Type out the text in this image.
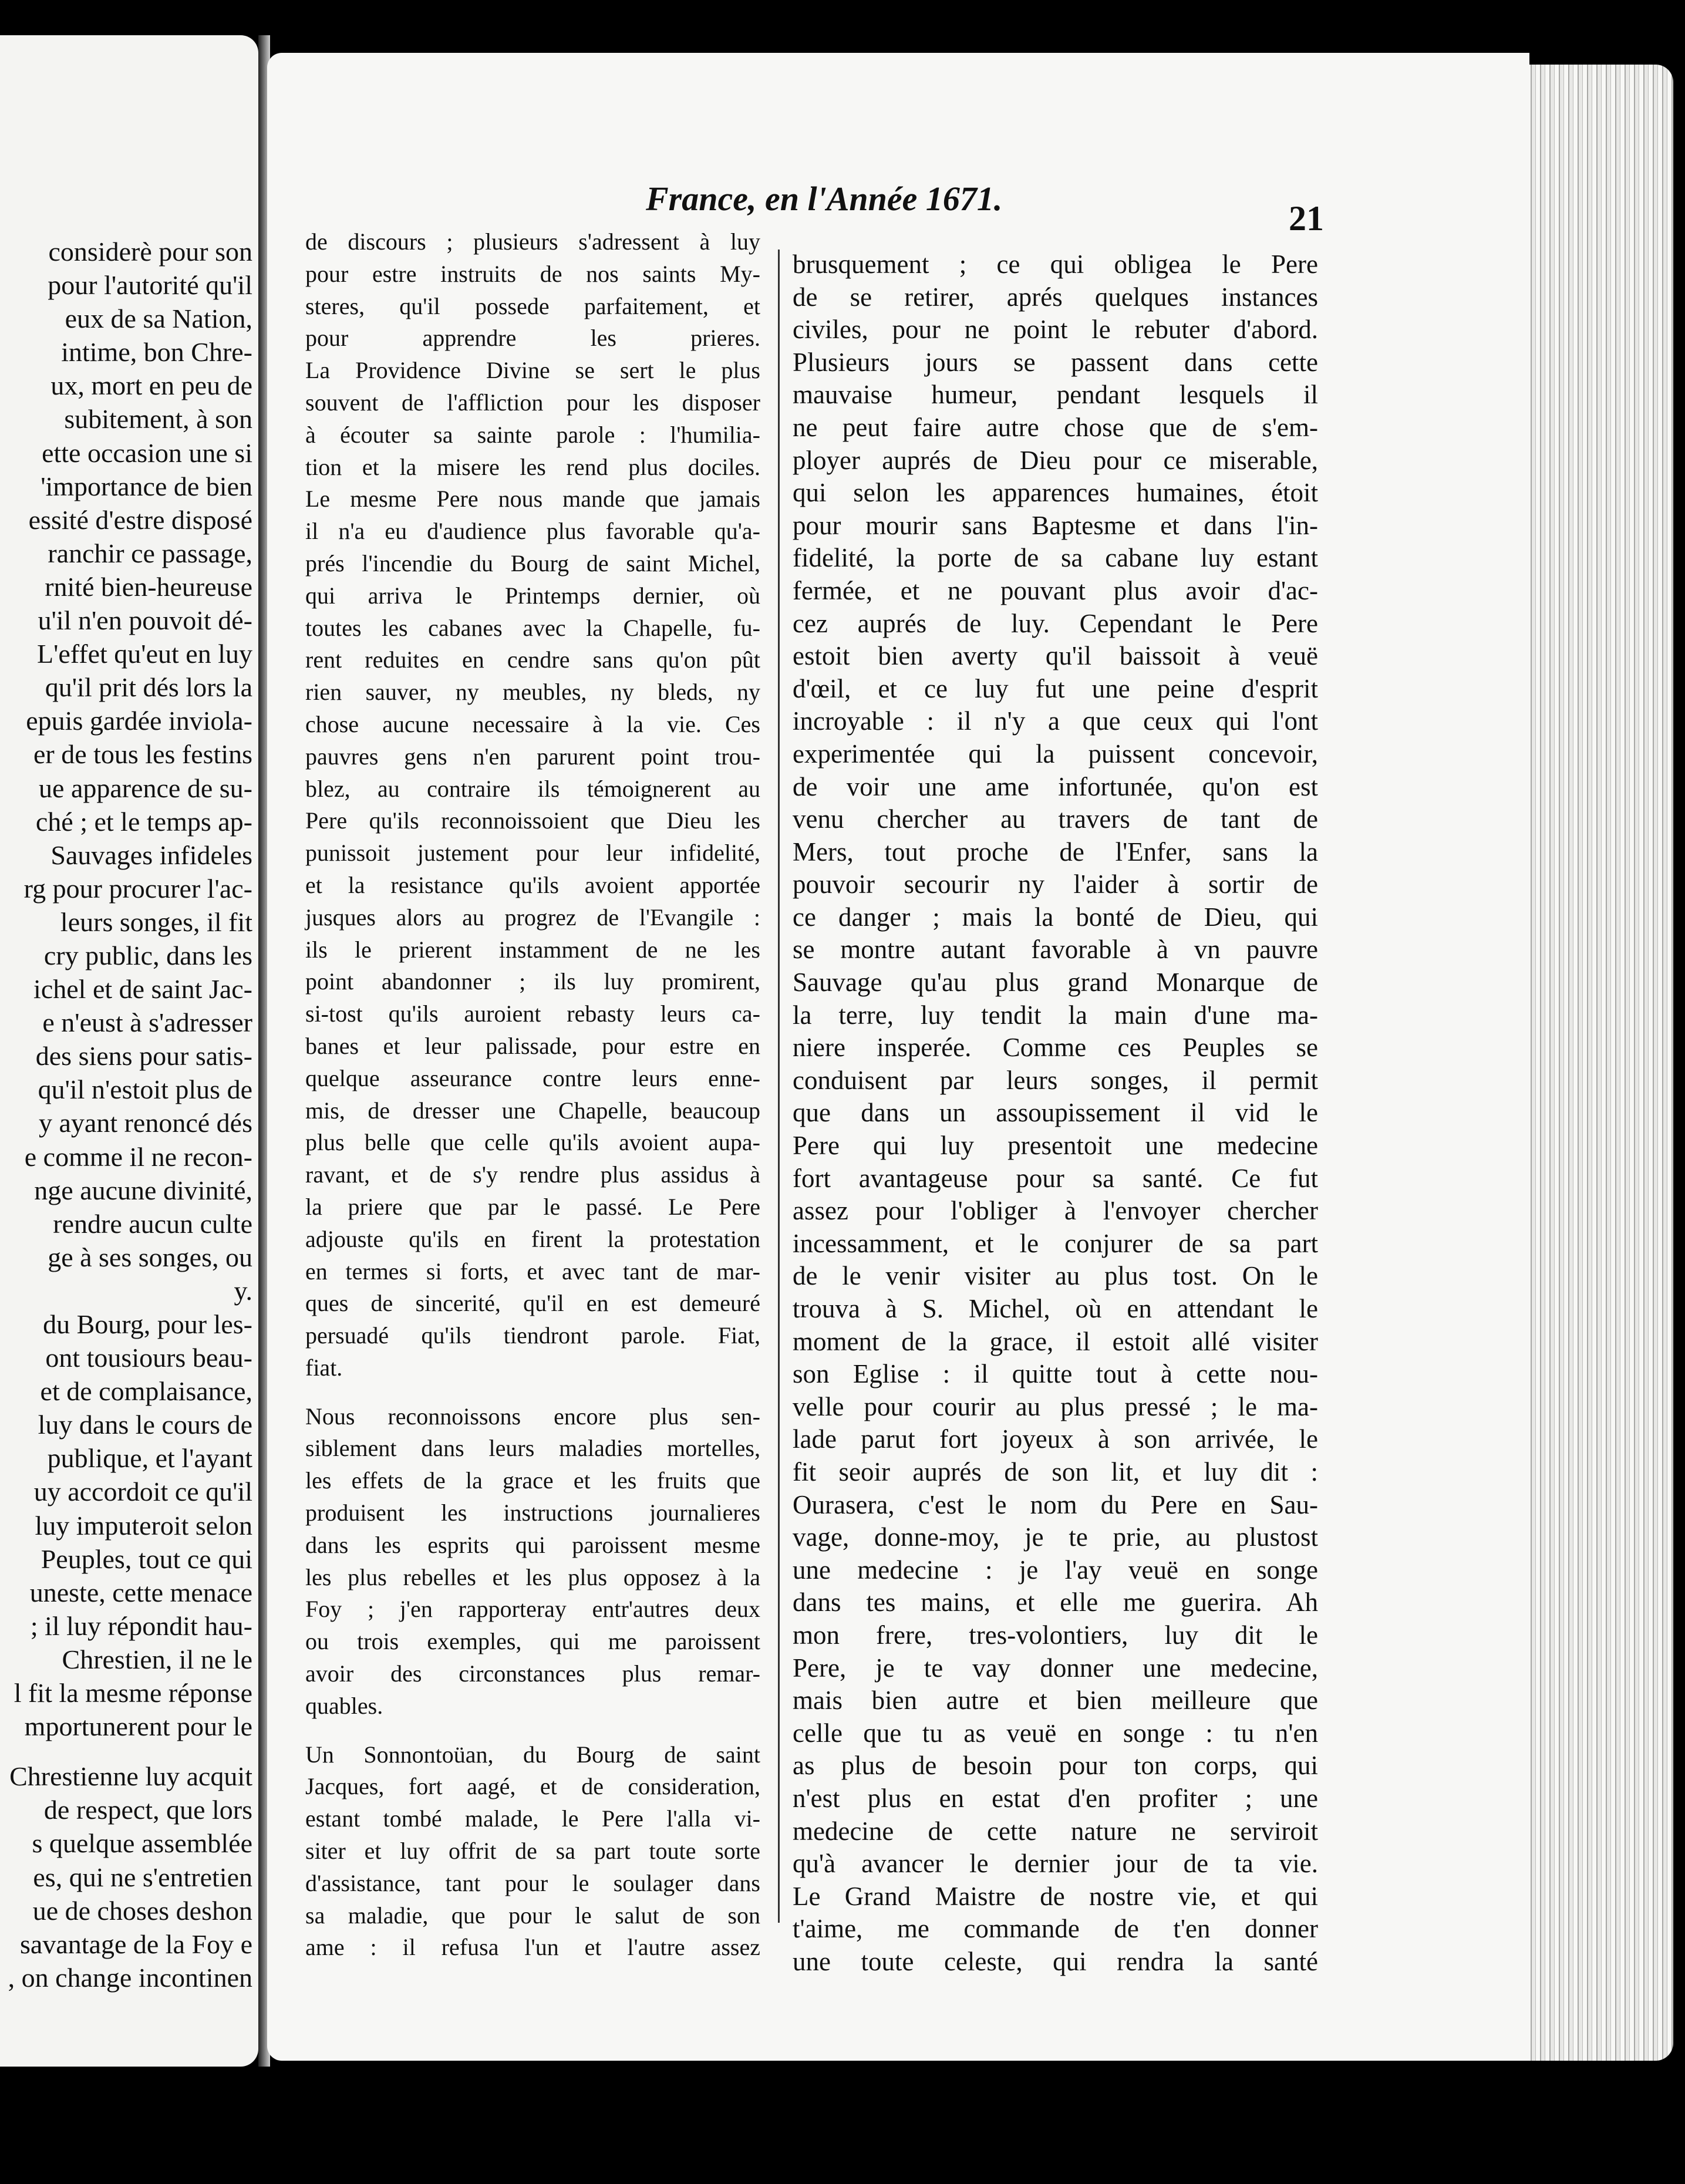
considerè pour son
pour l'autorité qu'il
eux de sa Nation,
intime, bon Chre-
ux, mort en peu de
subitement, à son
ette occasion une si
'importance de bien
essité d'estre disposé
ranchir ce passage,
rnité bien-heureuse
u'il n'en pouvoit dé-
L'effet qu'eut en luy
qu'il prit dés lors la
epuis gardée inviola-
er de tous les festins
ue apparence de su-
ché ; et le temps ap-
Sauvages infideles
rg pour procurer l'ac-
leurs songes, il fit
cry public, dans les
ichel et de saint Jac-
e n'eust à s'adresser
des siens pour satis-
qu'il n'estoit plus de
y ayant renoncé dés
e comme il ne recon-
nge aucune divinité,
rendre aucun culte
ge à ses songes, ou
y.
du Bourg, pour les-
ont tousiours beau-
et de complaisance,
luy dans le cours de
publique, et l'ayant
uy accordoit ce qu'il
luy imputeroit selon
Peuples, tout ce qui
uneste, cette menace
; il luy répondit hau-
Chrestien, il ne le
l fit la mesme réponse
mportunerent pour le
Chrestienne luy acquit
de respect, que lors
s quelque assemblée
es, qui ne s'entretien
ue de choses deshon
savantage de la Foy e
, on change incontinen
France, en l'Année 1671.
21
de discours ; plusieurs s'adressent à luy
pour estre instruits de nos saints My-
steres, qu'il possede parfaitement, et
pour apprendre les prieres.
La Providence Divine se sert le plus
souvent de l'affliction pour les disposer
à écouter sa sainte parole : l'humilia-
tion et la misere les rend plus dociles.
Le mesme Pere nous mande que jamais
il n'a eu d'audience plus favorable qu'a-
prés l'incendie du Bourg de saint Michel,
qui arriva le Printemps dernier, où
toutes les cabanes avec la Chapelle, fu-
rent reduites en cendre sans qu'on pût
rien sauver, ny meubles, ny bleds, ny
chose aucune necessaire à la vie. Ces
pauvres gens n'en parurent point trou-
blez, au contraire ils témoignerent au
Pere qu'ils reconnoissoient que Dieu les
punissoit justement pour leur infidelité,
et la resistance qu'ils avoient apportée
jusques alors au progrez de l'Evangile :
ils le prierent instamment de ne les
point abandonner ; ils luy promirent,
si-tost qu'ils auroient rebasty leurs ca-
banes et leur palissade, pour estre en
quelque asseurance contre leurs enne-
mis, de dresser une Chapelle, beaucoup
plus belle que celle qu'ils avoient aupa-
ravant, et de s'y rendre plus assidus à
la priere que par le passé. Le Pere
adjouste qu'ils en firent la protestation
en termes si forts, et avec tant de mar-
ques de sincerité, qu'il en est demeuré
persuadé qu'ils tiendront parole. Fiat,
fiat.
Nous reconnoissons encore plus sen-
siblement dans leurs maladies mortelles,
les effets de la grace et les fruits que
produisent les instructions journalieres
dans les esprits qui paroissent mesme
les plus rebelles et les plus opposez à la
Foy ; j'en rapporteray entr'autres deux
ou trois exemples, qui me paroissent
avoir des circonstances plus remar-
quables.
Un Sonnontoüan, du Bourg de saint
Jacques, fort aagé, et de consideration,
estant tombé malade, le Pere l'alla vi-
siter et luy offrit de sa part toute sorte
d'assistance, tant pour le soulager dans
sa maladie, que pour le salut de son
ame : il refusa l'un et l'autre assez
brusquement ; ce qui obligea le Pere
de se retirer, aprés quelques instances
civiles, pour ne point le rebuter d'abord.
Plusieurs jours se passent dans cette
mauvaise humeur, pendant lesquels il
ne peut faire autre chose que de s'em-
ployer auprés de Dieu pour ce miserable,
qui selon les apparences humaines, étoit
pour mourir sans Baptesme et dans l'in-
fidelité, la porte de sa cabane luy estant
fermée, et ne pouvant plus avoir d'ac-
cez auprés de luy. Cependant le Pere
estoit bien averty qu'il baissoit à veuë
d'œil, et ce luy fut une peine d'esprit
incroyable : il n'y a que ceux qui l'ont
experimentée qui la puissent concevoir,
de voir une ame infortunée, qu'on est
venu chercher au travers de tant de
Mers, tout proche de l'Enfer, sans la
pouvoir secourir ny l'aider à sortir de
ce danger ; mais la bonté de Dieu, qui
se montre autant favorable à vn pauvre
Sauvage qu'au plus grand Monarque de
la terre, luy tendit la main d'une ma-
niere insperée. Comme ces Peuples se
conduisent par leurs songes, il permit
que dans un assoupissement il vid le
Pere qui luy presentoit une medecine
fort avantageuse pour sa santé. Ce fut
assez pour l'obliger à l'envoyer chercher
incessamment, et le conjurer de sa part
de le venir visiter au plus tost. On le
trouva à S. Michel, où en attendant le
moment de la grace, il estoit allé visiter
son Eglise : il quitte tout à cette nou-
velle pour courir au plus pressé ; le ma-
lade parut fort joyeux à son arrivée, le
fit seoir auprés de son lit, et luy dit :
Ourasera, c'est le nom du Pere en Sau-
vage, donne-moy, je te prie, au plustost
une medecine : je l'ay veuë en songe
dans tes mains, et elle me guerira. Ah
mon frere, tres-volontiers, luy dit le
Pere, je te vay donner une medecine,
mais bien autre et bien meilleure que
celle que tu as veuë en songe : tu n'en
as plus de besoin pour ton corps, qui
n'est plus en estat d'en profiter ; une
medecine de cette nature ne serviroit
qu'à avancer le dernier jour de ta vie.
Le Grand Maistre de nostre vie, et qui
t'aime, me commande de t'en donner
une toute celeste, qui rendra la santé
